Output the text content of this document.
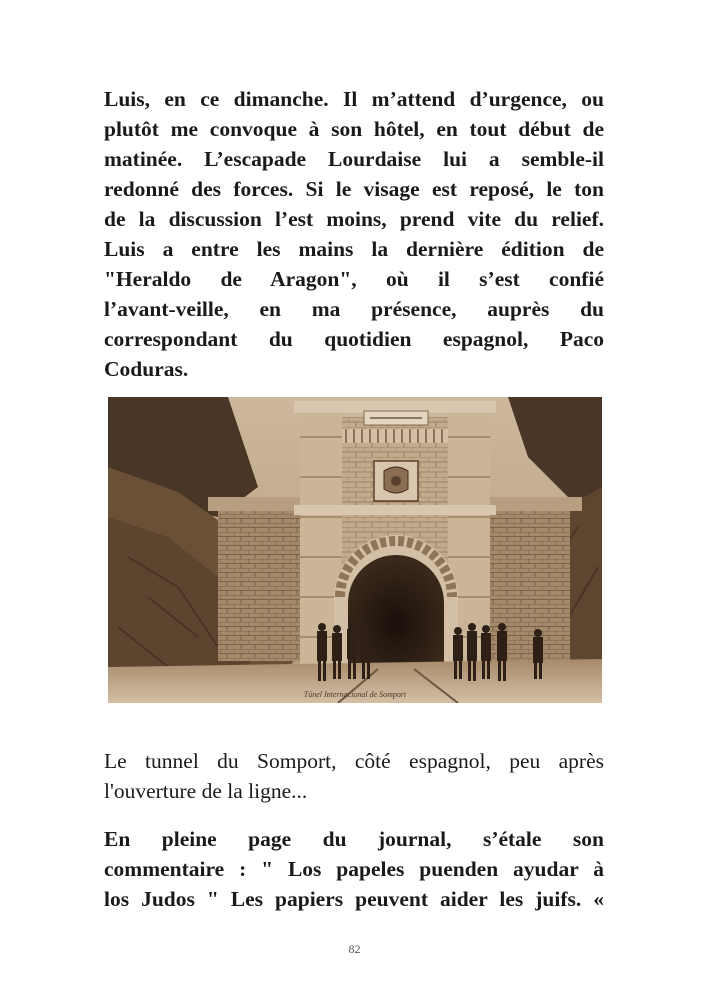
Luis, en ce dimanche. Il m’attend d’urgence, ou
plutôt me convoque à son hôtel, en tout début de
matinée. L’escapade Lourdaise lui a semble-il
redonné des forces. Si le visage est reposé, le ton
de la discussion l’est moins, prend vite du relief.
Luis a entre les mains la dernière édition de
"Heraldo de Aragon", où il s’est confié
l’avant-veille, en ma présence, auprès du
correspondant du quotidien espagnol, Paco
Coduras.
Túnel Internacional de Somport
Le tunnel du Somport, côté espagnol, peu après
l'ouverture de la ligne...
En pleine page du journal, s’étale son
commentaire : " Los papeles puenden ayudar à
los Judos " Les papiers peuvent aider les juifs. «
82
